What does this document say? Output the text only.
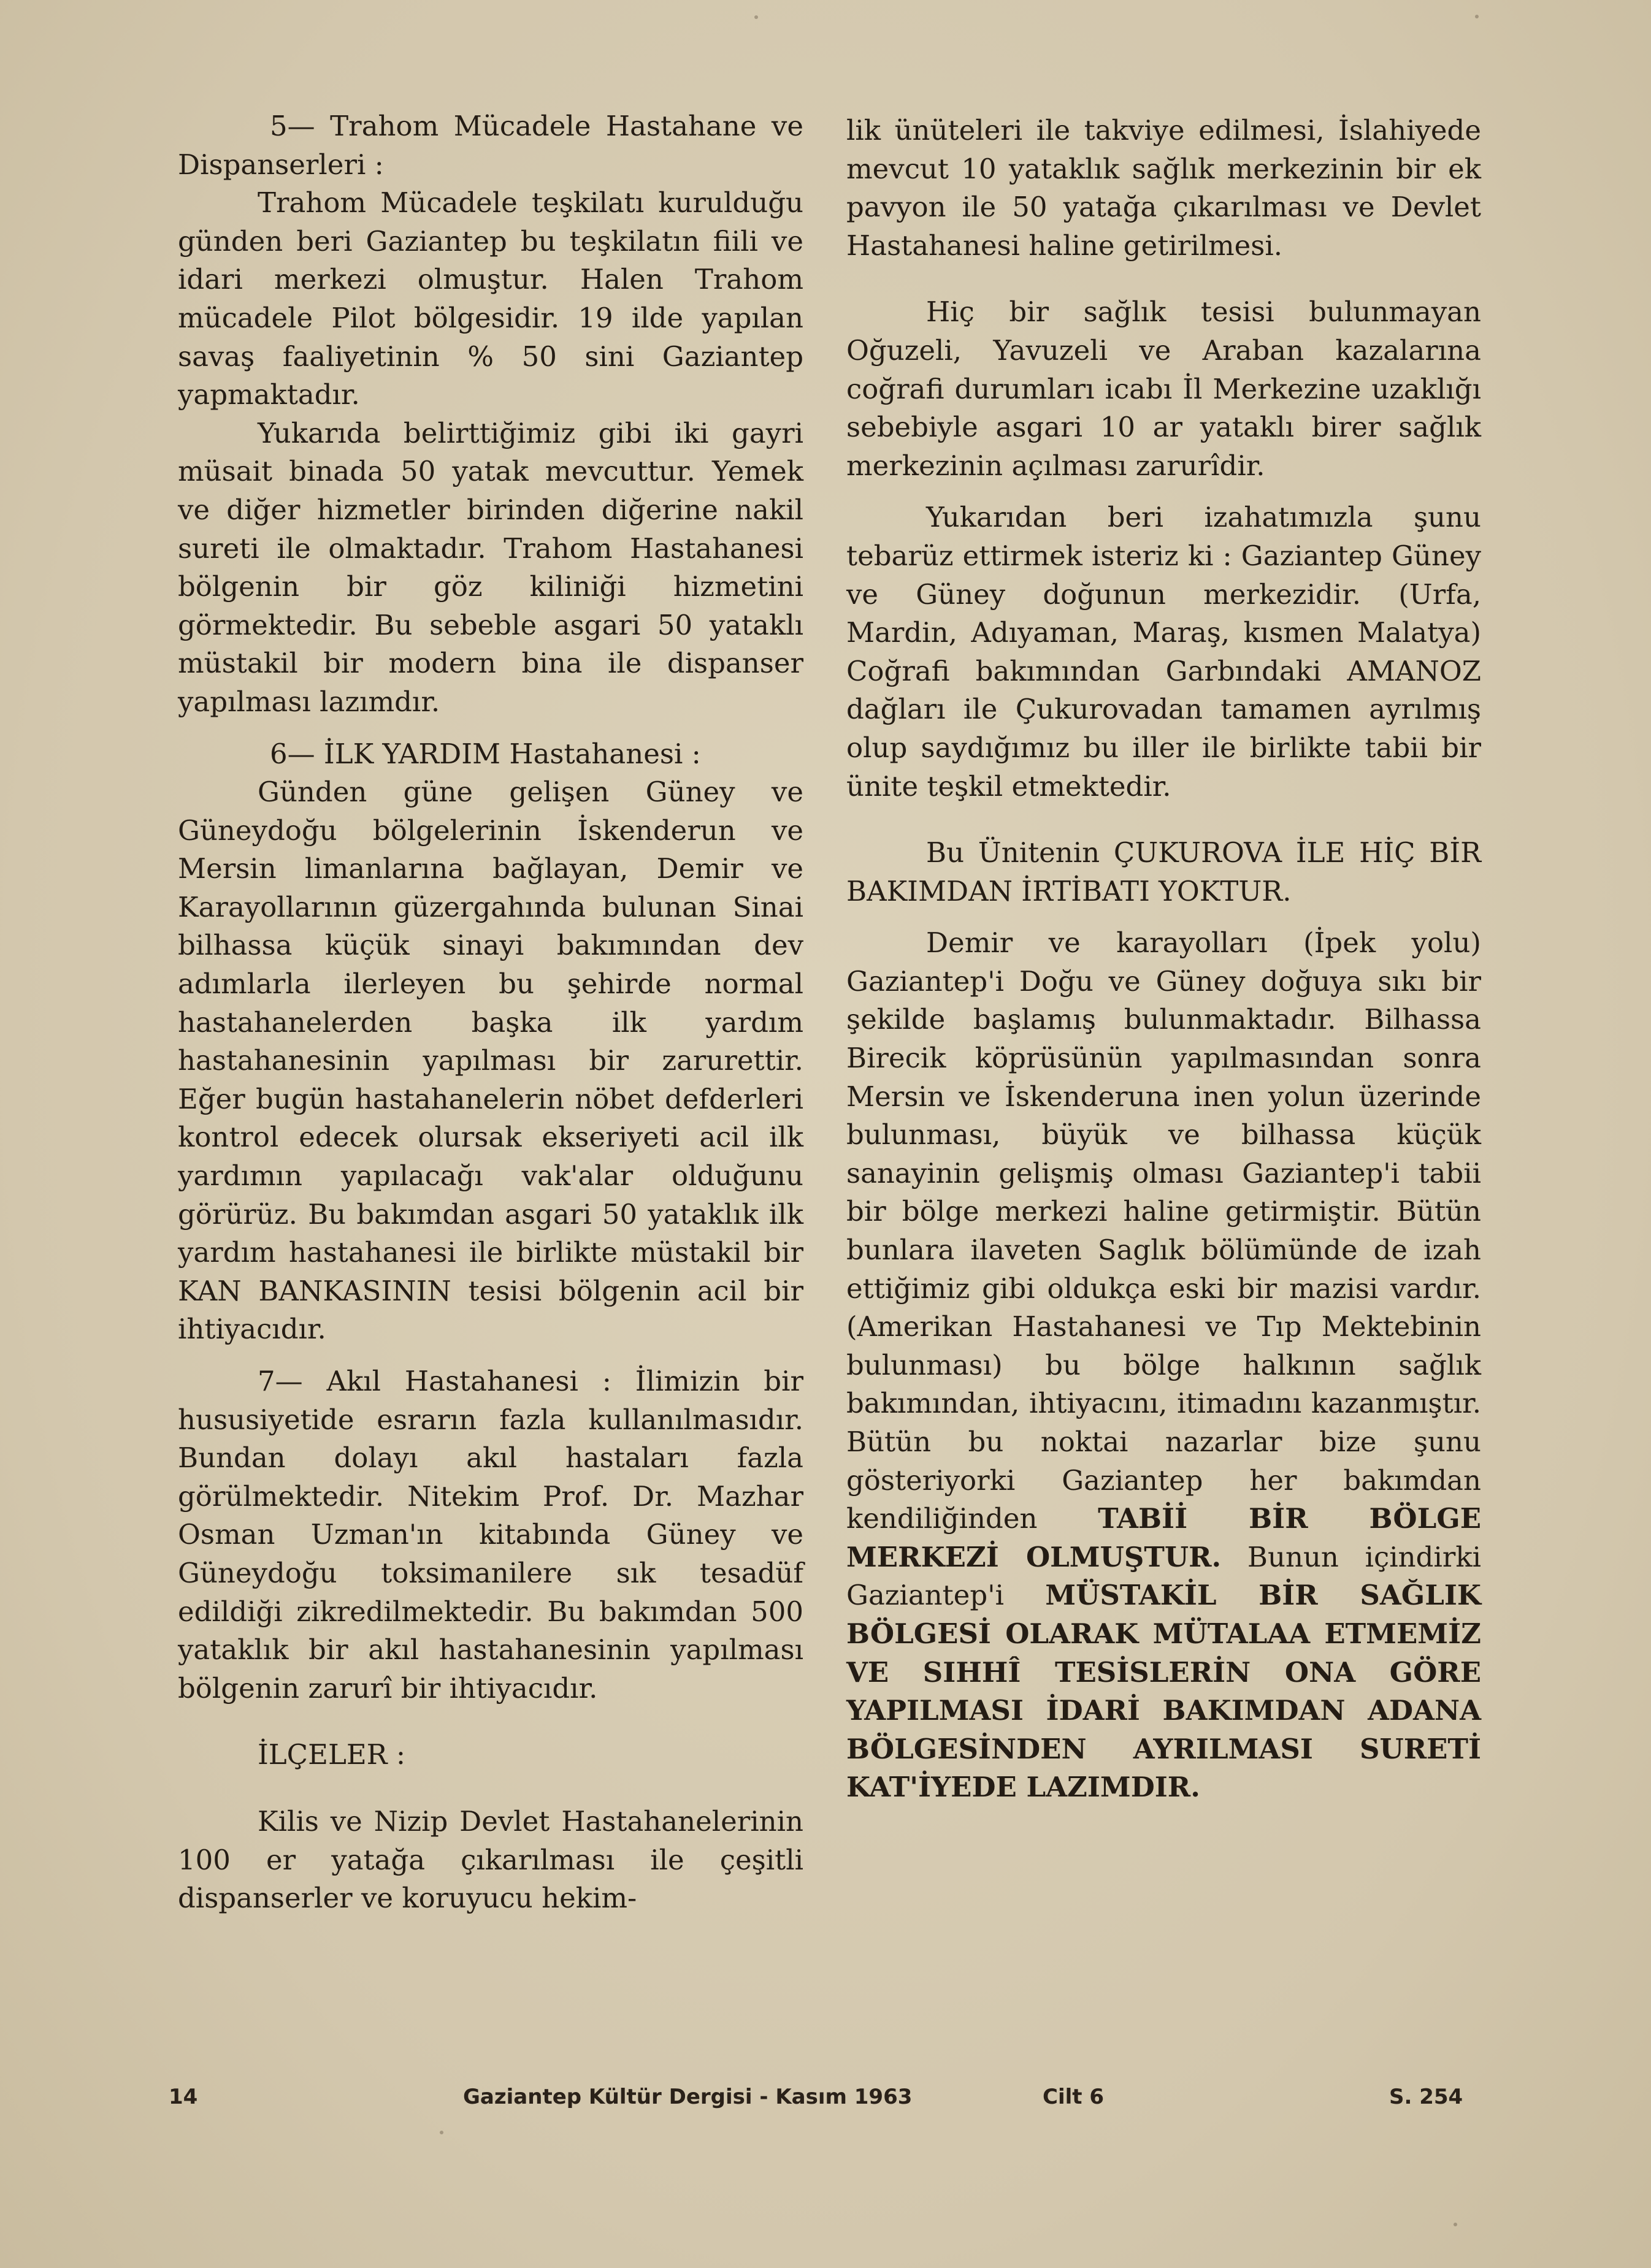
5— Trahom Mücadele Hastahane ve Dispanserleri :

Trahom Mücadele teşkilatı kurulduğu günden beri Gaziantep bu teşkilatın fiili ve idari merkezi olmuştur. Halen Trahom mücadele Pilot bölgesidir. 19 ilde yapılan savaş faaliyetinin % 50 sini Gaziantep yapmaktadır.

Yukarıda belirttiğimiz gibi iki gayri müsait binada 50 yatak mevcuttur. Yemek ve diğer hizmetler birinden diğerine nakil sureti ile olmaktadır. Trahom Hastahanesi bölgenin bir göz kiliniği hizmetini görmektedir. Bu sebeble asgari 50 yataklı müstakil bir modern bina ile dispanser yapılması lazımdır.

6— İLK YARDIM Hastahanesi :

Günden güne gelişen Güney ve Güneydoğu bölgelerinin İskenderun ve Mersin limanlarına bağlayan, Demir ve Karayollarının güzergahında bulunan Sinai bilhassa küçük sinayi bakımından dev adımlarla ilerleyen bu şehirde normal hastahanelerden başka ilk yardım hastahanesinin yapılması bir zarurettir. Eğer bugün hastahanelerin nöbet defderleri kontrol edecek olursak ekseriyeti acil ilk yardımın yapılacağı vak'alar olduğunu görürüz. Bu bakımdan asgari 50 yataklık ilk yardım hastahanesi ile birlikte müstakil bir KAN BANKASININ tesisi bölgenin acil bir ihtiyacıdır.

7— Akıl Hastahanesi : İlimizin bir hususiyetide esrarın fazla kullanılmasıdır. Bundan dolayı akıl hastaları fazla görülmektedir. Nitekim Prof. Dr. Mazhar Osman Uzman'ın kitabında Güney ve Güneydoğu toksimanilere sık tesadüf edildiği zikredilmektedir. Bu bakımdan 500 yataklık bir akıl hastahanesinin yapılması bölgenin zarurî bir ihtiyacıdır.

İLÇELER :

Kilis ve Nizip Devlet Hastahanelerinin 100 er yatağa çıkarılması ile çeşitli dispanserler ve koruyucu hekim-

lik ünüteleri ile takviye edilmesi, İslahiyede mevcut 10 yataklık sağlık merkezinin bir ek pavyon ile 50 yatağa çıkarılması ve Devlet Hastahanesi haline getirilmesi.

Hiç bir sağlık tesisi bulunmayan Oğuzeli, Yavuzeli ve Araban kazalarına coğrafi durumları icabı İl Merkezine uzaklığı sebebiyle asgari 10 ar yataklı birer sağlık merkezinin açılması zarurîdir.

Yukarıdan beri izahatımızla şunu tebarüz ettirmek isteriz ki : Gaziantep Güney ve Güney doğunun merkezidir. (Urfa, Mardin, Adıyaman, Maraş, kısmen Malatya) Coğrafi bakımından Garbındaki AMANOZ dağları ile Çukurovadan tamamen ayrılmış olup saydığımız bu iller ile birlikte tabii bir ünite teşkil etmektedir.

Bu Ünitenin ÇUKUROVA İLE HİÇ BİR BAKIMDAN İRTİBATI YOKTUR.

Demir ve karayolları (İpek yolu) Gaziantep'i Doğu ve Güney doğuya sıkı bir şekilde başlamış bulunmaktadır. Bilhassa Birecik köprüsünün yapılmasından sonra Mersin ve İskenderuna inen yolun üzerinde bulunması, büyük ve bilhassa küçük sanayinin gelişmiş olması Gaziantep'i tabii bir bölge merkezi haline getirmiştir. Bütün bunlara ilaveten Saglık bölümünde de izah ettiğimiz gibi oldukça eski bir mazisi vardır. (Amerikan Hastahanesi ve Tıp Mektebinin bulunması) bu bölge halkının sağlık bakımından, ihtiyacını, itimadını kazanmıştır. Bütün bu noktai nazarlar bize şunu gösteriyorki Gaziantep her bakımdan kendiliğinden TABİİ BİR BÖLGE MERKEZİ OLMUŞTUR. Bunun içindirki Gaziantep'i MÜSTAKİL BİR SAĞLIK BÖLGESİ OLARAK MÜTALAA ETMEMİZ VE SIHHÎ TESİSLERİN ONA GÖRE YAPILMASI İDARİ BAKIMDAN ADANA BÖLGESİNDEN AYRILMASI SURETİ KAT'İYEDE LAZIMDIR.

14	Gaziantep Kültür Dergisi - Kasım 1963	Cilt 6	S. 254
